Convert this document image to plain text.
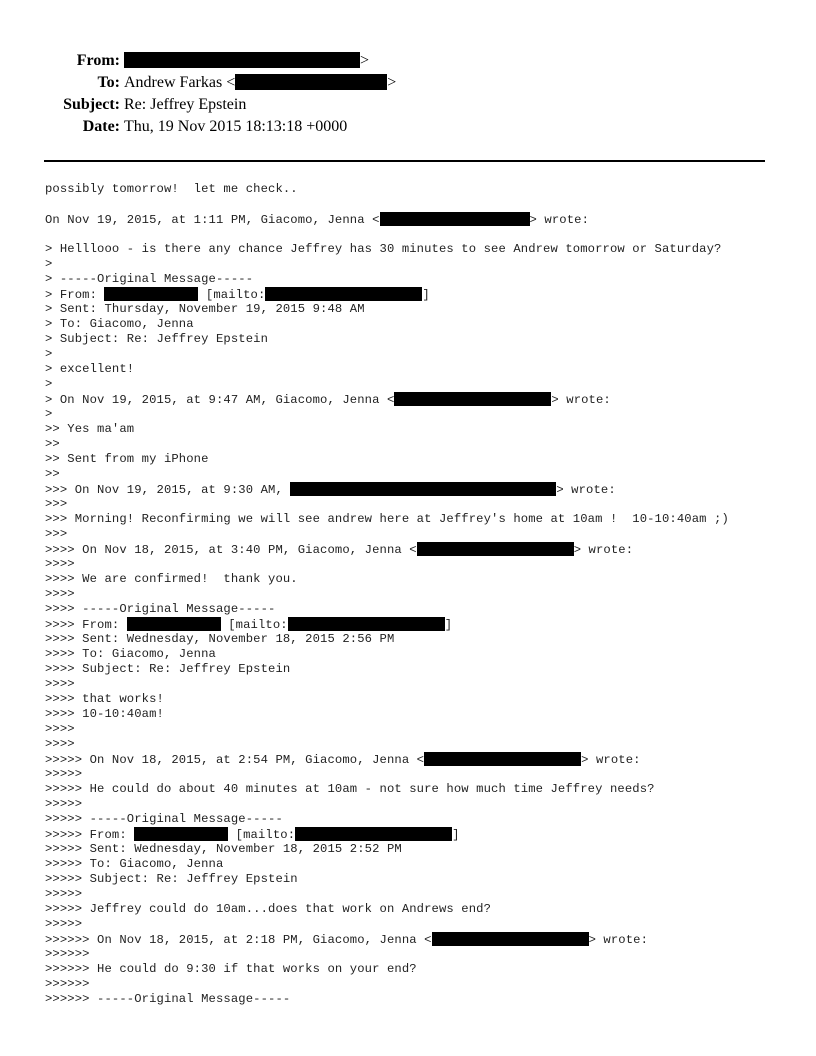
From:	>
To: Andrew Farkas <	>
Subject: Re: Jeffrey Epstein
Date: Thu, 19 Nov 2015 18:13:18 +0000
possibly tomorrow!  let me check..
On Nov 19, 2015, at 1:11 PM, Giacomo, Jenna <	> wrote:
> Helllooo - is there any chance Jeffrey has 30 minutes to see Andrew tomorrow or Saturday?
>
> -----Original Message-----
> From:	[mailto:	]
> Sent: Thursday, November 19, 2015 9:48 AM
> To: Giacomo, Jenna
> Subject: Re: Jeffrey Epstein
>
> excellent!
>
> On Nov 19, 2015, at 9:47 AM, Giacomo, Jenna <	> wrote:
>
>> Yes ma'am
>>
>> Sent from my iPhone
>>
>>> On Nov 19, 2015, at 9:30 AM,	> wrote:
>>>
>>> Morning! Reconfirming we will see andrew here at Jeffrey's home at 10am !  10-10:40am ;)
>>>
>>>> On Nov 18, 2015, at 3:40 PM, Giacomo, Jenna <	> wrote:
>>>>
>>>> We are confirmed!  thank you.
>>>>
>>>> -----Original Message-----
>>>> From:	[mailto:	]
>>>> Sent: Wednesday, November 18, 2015 2:56 PM
>>>> To: Giacomo, Jenna
>>>> Subject: Re: Jeffrey Epstein
>>>>
>>>> that works!
>>>> 10-10:40am!
>>>>
>>>>
>>>>> On Nov 18, 2015, at 2:54 PM, Giacomo, Jenna <	> wrote:
>>>>>
>>>>> He could do about 40 minutes at 10am - not sure how much time Jeffrey needs?
>>>>>
>>>>> -----Original Message-----
>>>>> From:	[mailto:	]
>>>>> Sent: Wednesday, November 18, 2015 2:52 PM
>>>>> To: Giacomo, Jenna
>>>>> Subject: Re: Jeffrey Epstein
>>>>>
>>>>> Jeffrey could do 10am...does that work on Andrews end?
>>>>>
>>>>>> On Nov 18, 2015, at 2:18 PM, Giacomo, Jenna <	> wrote:
>>>>>>
>>>>>> He could do 9:30 if that works on your end?
>>>>>>
>>>>>> -----Original Message-----
